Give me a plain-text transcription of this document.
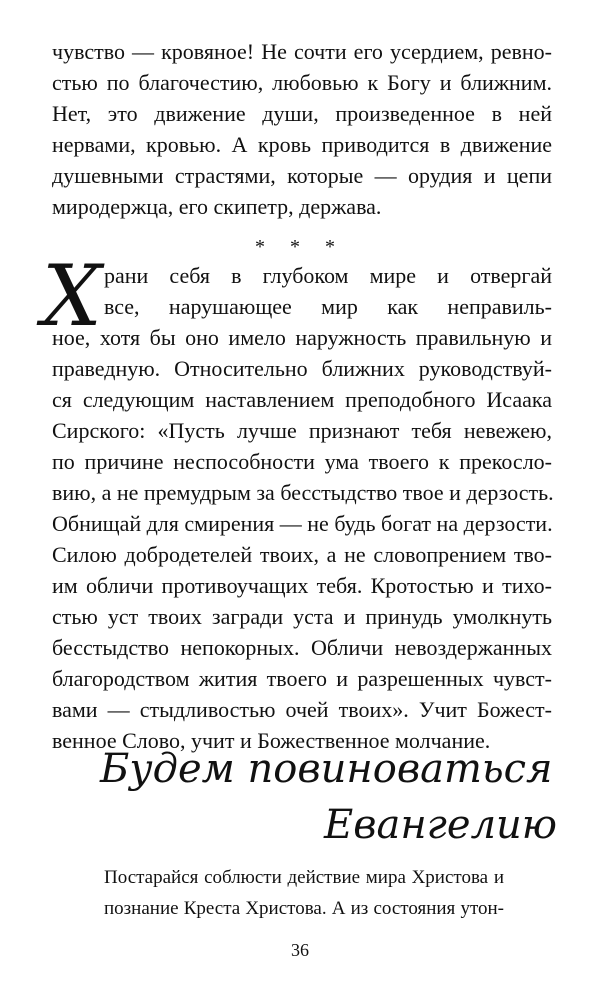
чувство — кровяное! Не сочти его усердием, ревно-
стью по благочестию, любовью к Богу и ближним.
Нет, это движение души, произведенное в ней
нервами, кровью. А кровь приводится в движение
душевными страстями, которые — орудия и цепи
миродержца, его скипетр, держава.
* * *
Х рани себя в глубоком мире и отвергай
все, нарушающее мир как неправиль-
ное, хотя бы оно имело наружность правильную и
праведную. Относительно ближних руководствуй-
ся следующим наставлением преподобного Исаака
Сирского: «Пусть лучше признают тебя невежею,
по причине неспособности ума твоего к прекосло-
вию, а не премудрым за бесстыдство твое и дерзость.
Обнищай для смирения — не будь богат на дерзости.
Силою добродетелей твоих, а не словопрением тво-
им обличи противоучащих тебя. Кротостью и тихо-
стью уст твоих загради уста и принудь умолкнуть
бесстыдство непокорных. Обличи невоздержанных
благородством жития твоего и разрешенных чувст-
вами — стыдливостью очей твоих». Учит Божест-
венное Слово, учит и Божественное молчание.
Будем повиноваться
Евангелию
Постарайся соблюсти действие мира Христова и
познание Креста Христова. А из состояния утон-
36
